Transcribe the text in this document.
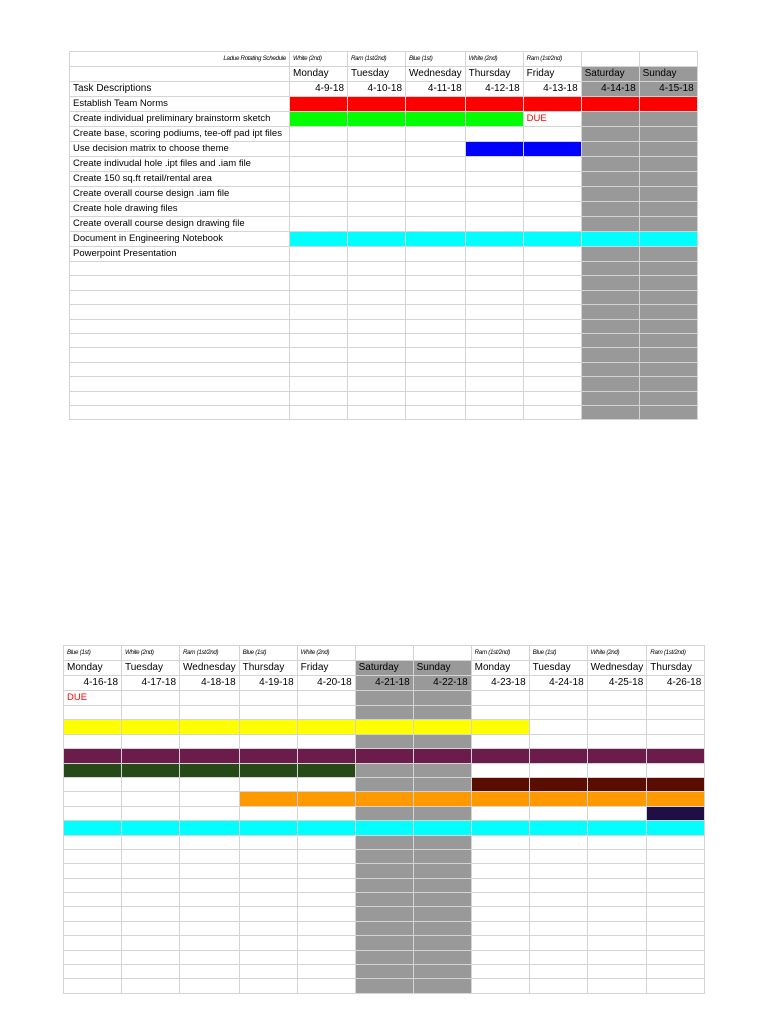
Ladue Rotating Schedule	White (2nd)	Ram (1st/2nd)	Blue (1st)	White (2nd)	Ram (1st/2nd)		
	Monday	Tuesday	Wednesday	Thursday	Friday	Saturday	Sunday
Task Descriptions	4-9-18	4-10-18	4-11-18	4-12-18	4-13-18	4-14-18	4-15-18
Establish Team Norms							
Create individual preliminary brainstorm sketch					DUE		
Create base, scoring podiums, tee-off pad ipt files							
Use decision matrix to choose theme							
Create indivudal hole .ipt files and .iam file							
Create 150 sq.ft retail/rental area							
Create overall course design .iam file							
Create hole drawing files							
Create overall course design drawing file							
Document in Engineering Notebook							
Powerpoint Presentation							

Blue (1st)	White (2nd)	Ram (1st/2nd)	Blue (1st)	White (2nd)			Ram (1st/2nd)	Blue (1st)	White (2nd)	Ram (1st/2nd)
Monday	Tuesday	Wednesday	Thursday	Friday	Saturday	Sunday	Monday	Tuesday	Wednesday	Thursday
4-16-18	4-17-18	4-18-18	4-19-18	4-20-18	4-21-18	4-22-18	4-23-18	4-24-18	4-25-18	4-26-18
DUE										
